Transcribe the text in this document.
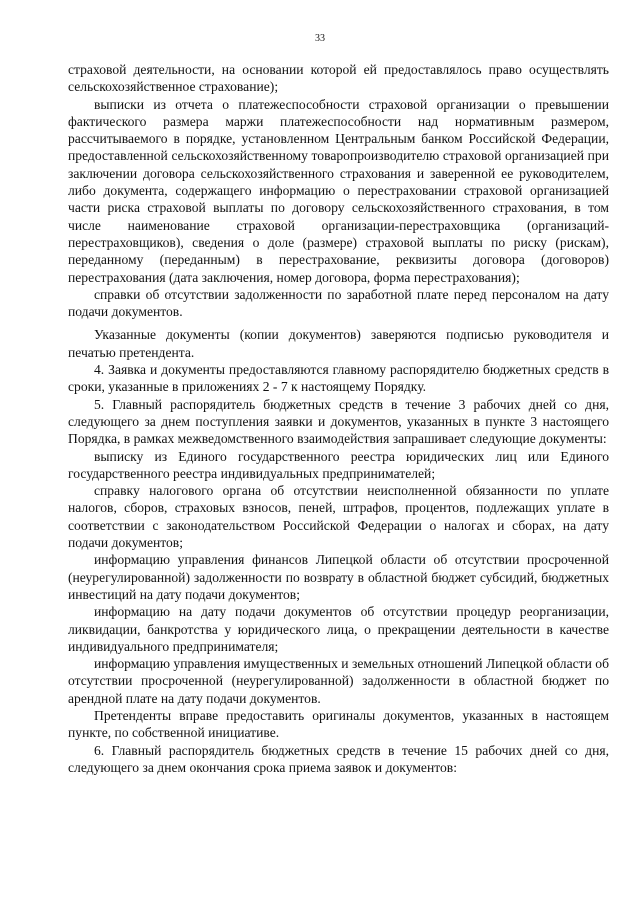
33

страховой деятельности, на основании которой ей предоставлялось право осуществлять сельскохозяйственное страхование);

выписки из отчета о платежеспособности страховой организации о превышении фактического размера маржи платежеспособности над нормативным размером, рассчитываемого в порядке, установленном Центральным банком Российской Федерации, предоставленной сельскохозяйственному товаропроизводителю страховой организацией при заключении договора сельскохозяйственного страхования и заверенной ее руководителем, либо документа, содержащего информацию о перестраховании страховой организацией части риска страховой выплаты по договору сельскохозяйственного страхования, в том числе наименование страховой организации-перестраховщика (организаций-перестраховщиков), сведения о доле (размере) страховой выплаты по риску (рискам), переданному (переданным) в перестрахование, реквизиты договора (договоров) перестрахования (дата заключения, номер договора, форма перестрахования);

справки об отсутствии задолженности по заработной плате перед персоналом на дату подачи документов.

Указанные документы (копии документов) заверяются подписью руководителя и печатью претендента.

4. Заявка и документы предоставляются главному распорядителю бюджетных средств в сроки, указанные в приложениях 2 - 7 к настоящему Порядку.

5. Главный распорядитель бюджетных средств в течение 3 рабочих дней со дня, следующего за днем поступления заявки и документов, указанных в пункте 3 настоящего Порядка, в рамках межведомственного взаимодействия запрашивает следующие документы:

выписку из Единого государственного реестра юридических лиц или Единого государственного реестра индивидуальных предпринимателей;

справку налогового органа об отсутствии неисполненной обязанности по уплате налогов, сборов, страховых взносов, пеней, штрафов, процентов, подлежащих уплате в соответствии с законодательством Российской Федерации о налогах и сборах, на дату подачи документов;

информацию управления финансов Липецкой области об отсутствии просроченной (неурегулированной) задолженности по возврату в областной бюджет субсидий, бюджетных инвестиций на дату подачи документов;

информацию на дату подачи документов об отсутствии процедур реорганизации, ликвидации, банкротства у юридического лица, о прекращении деятельности в качестве индивидуального предпринимателя;

информацию управления имущественных и земельных отношений Липецкой области об отсутствии просроченной (неурегулированной) задолженности в областной бюджет по арендной плате на дату подачи документов.

Претенденты вправе предоставить оригиналы документов, указанных в настоящем пункте, по собственной инициативе.

6. Главный распорядитель бюджетных средств в течение 15 рабочих дней со дня, следующего за днем окончания срока приема заявок и документов:
